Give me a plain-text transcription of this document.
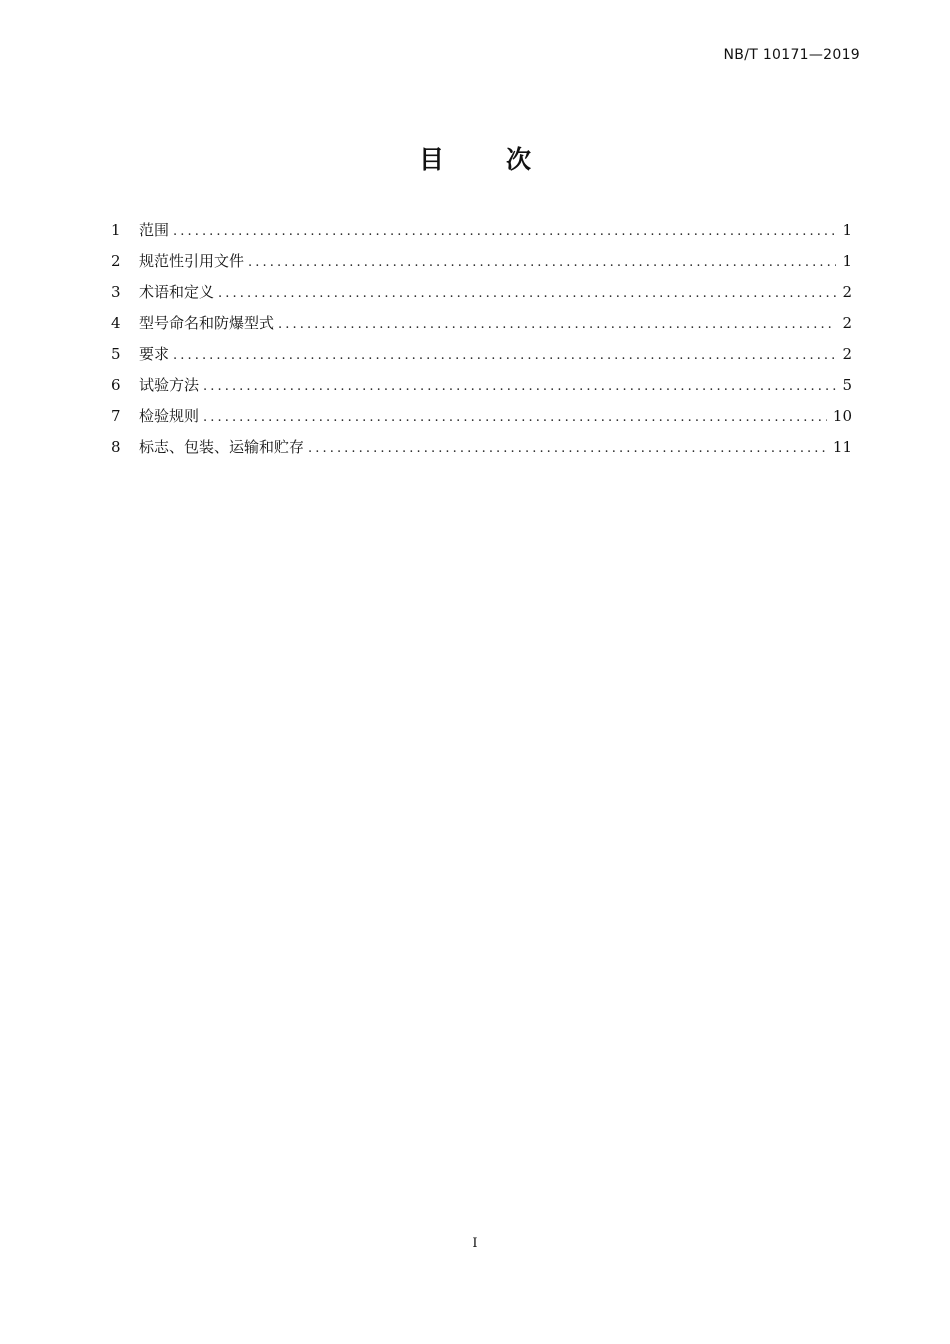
NB/T 10171—2019
目 次
1	范围 .....	1
2	规范性引用文件 .....	1
3	术语和定义 .....	2
4	型号命名和防爆型式 .....	2
5	要求 .....	2
6	试验方法 .....	5
7	检验规则 .....	10
8	标志、包装、运输和贮存 .....	11
I
